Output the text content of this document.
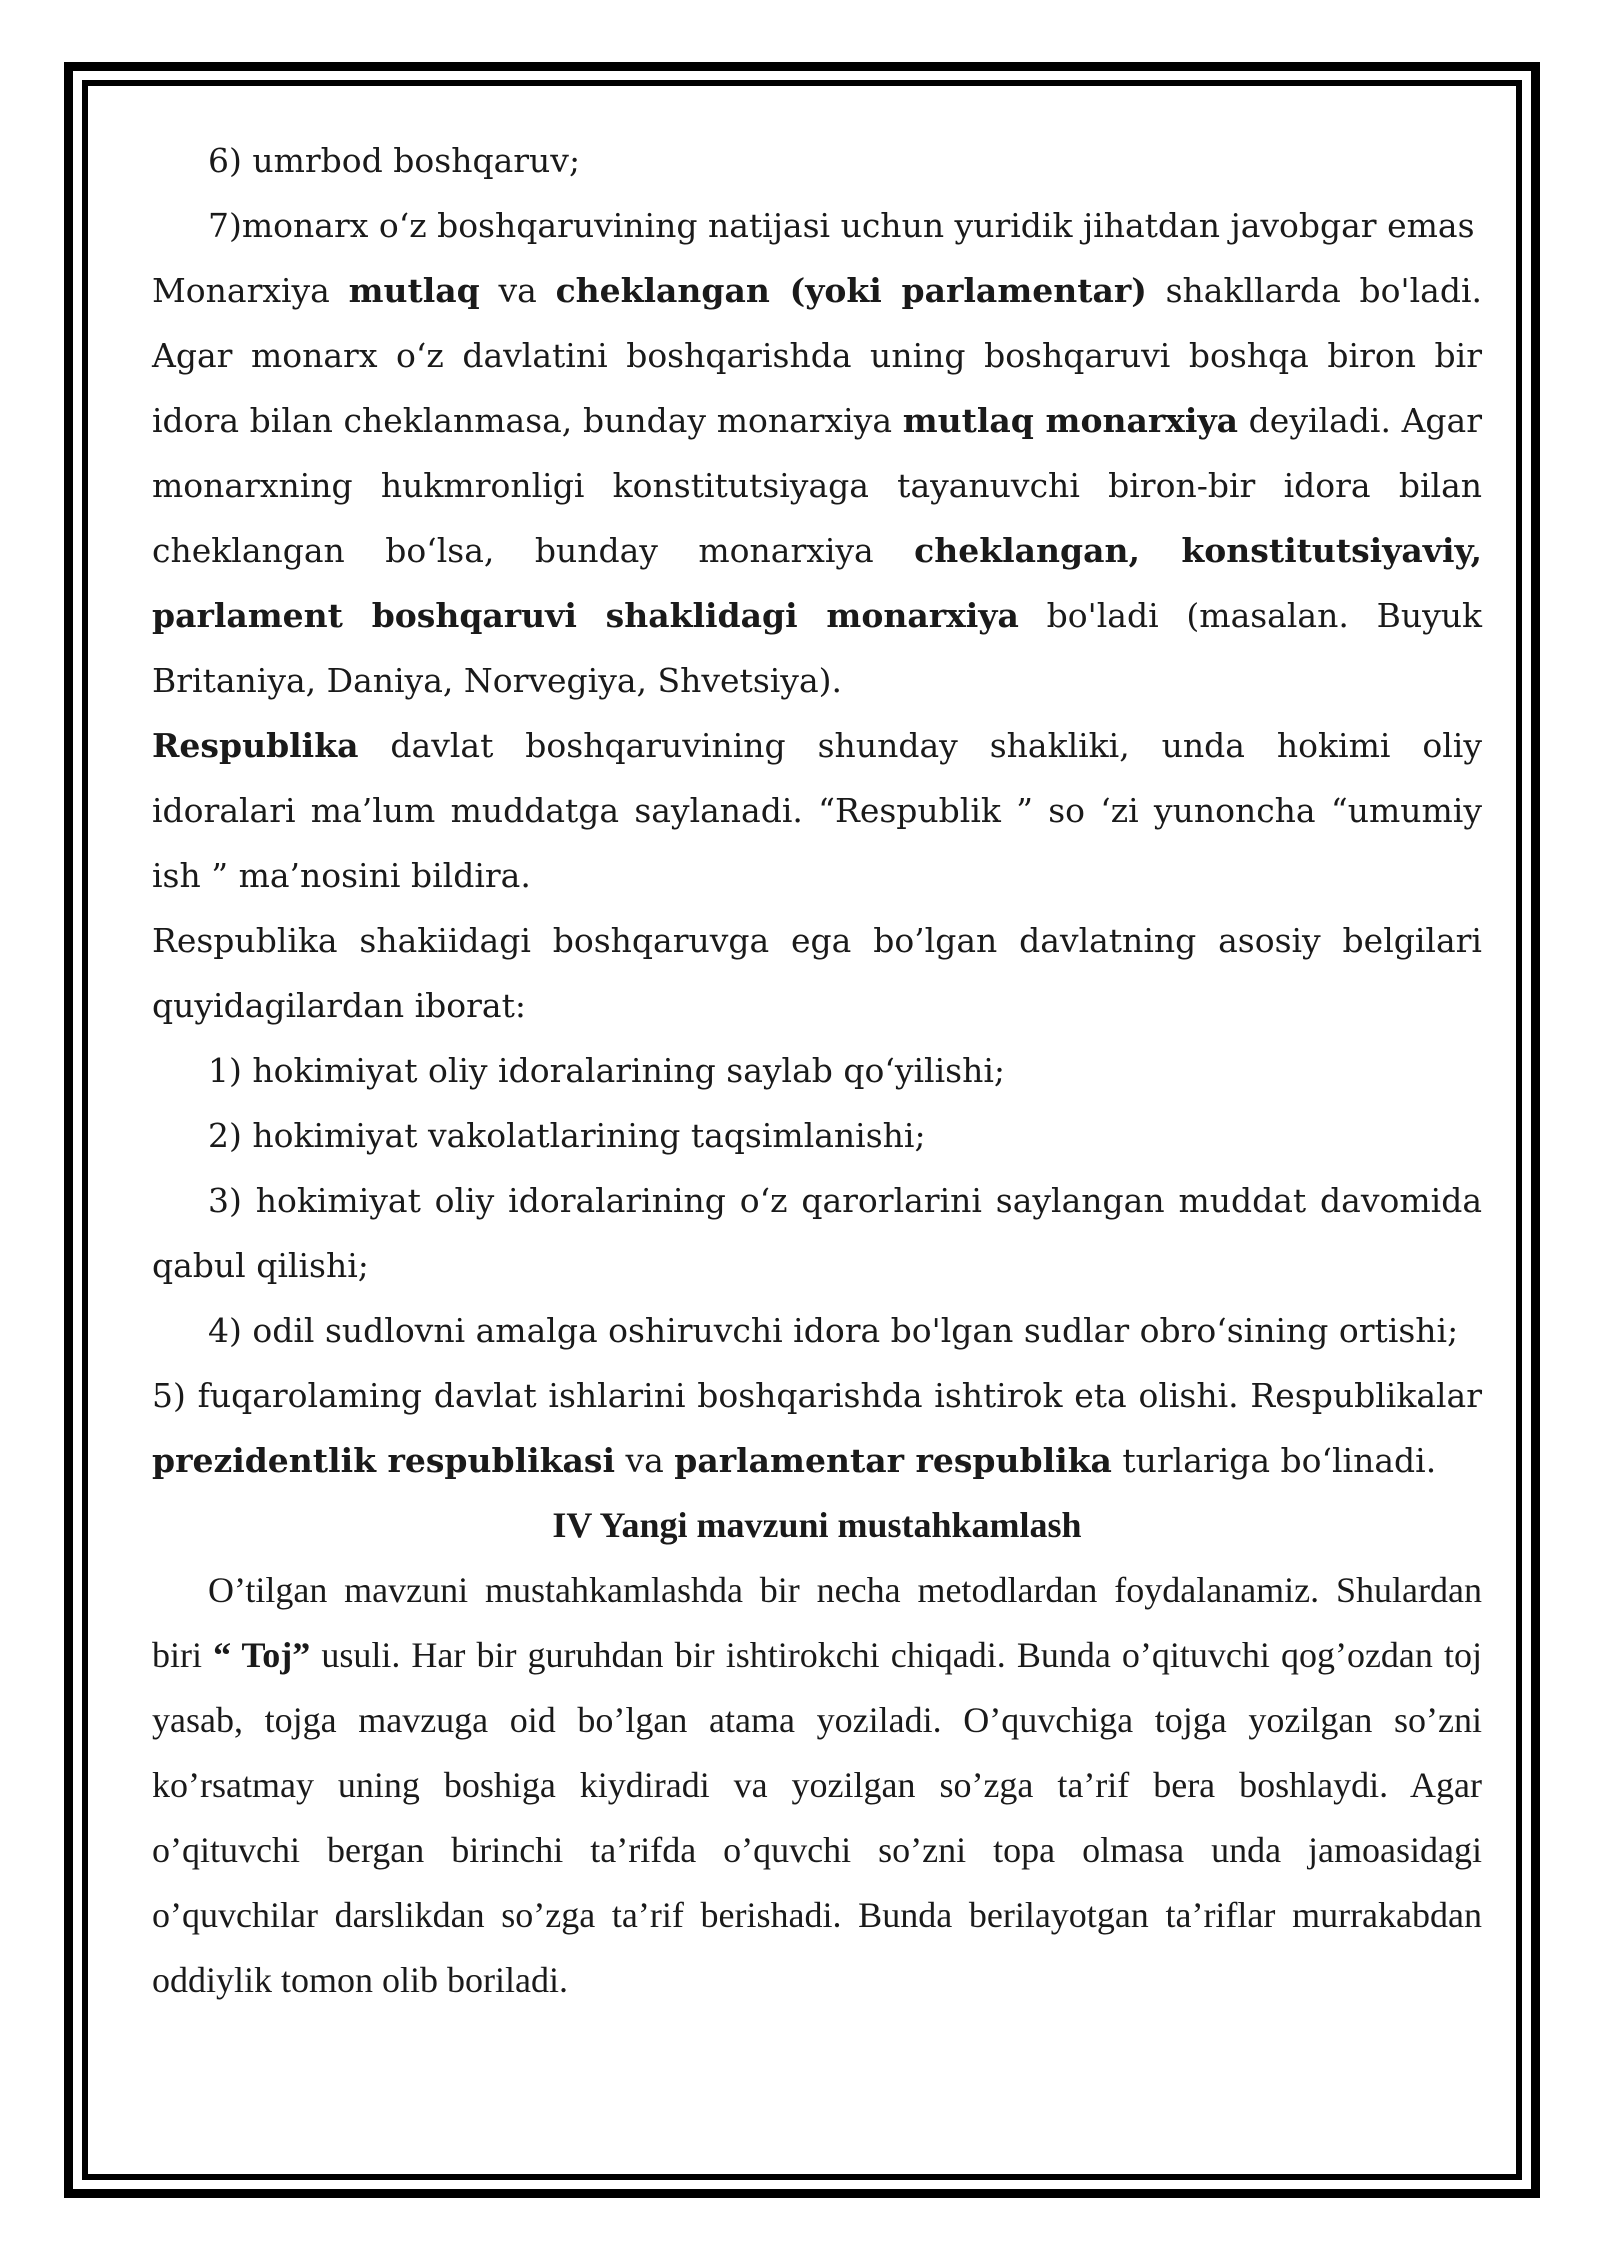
6) umrbod boshqaruv;

7)monarx o‘z boshqaruvining natijasi uchun yuridik jihatdan javobgar emas

Monarxiya mutlaq va cheklangan (yoki parlamentar) shakllarda bo'ladi. Agar monarx o‘z davlatini boshqarishda uning boshqaruvi boshqa biron bir idora bilan cheklanmasa, bunday monarxiya mutlaq monarxiya deyiladi. Agar monarxning hukmronligi konstitutsiyaga tayanuvchi biron-bir idora bilan cheklangan bo‘lsa, bunday monarxiya cheklangan, konstitutsiyaviy, parlament boshqaruvi shaklidagi monarxiya bo'ladi (masalan. Buyuk Britaniya, Daniya, Norvegiya, Shvetsiya).

Respublika davlat boshqaruvining shunday shakliki, unda hokimi oliy idoralari ma’lum muddatga saylanadi. “Respublik ” so ‘zi yunoncha “umumiy ish ” ma’nosini bildira.

Respublika shakiidagi boshqaruvga ega bo’lgan davlatning asosiy belgilari quyidagilardan iborat:

1) hokimiyat oliy idoralarining saylab qo‘yilishi;

2) hokimiyat vakolatlarining taqsimlanishi;

3) hokimiyat oliy idoralarining o‘z qarorlarini saylangan muddat davomida qabul qilishi;

4) odil sudlovni amalga oshiruvchi idora bo'lgan sudlar obro‘sining ortishi;

5) fuqarolaming davlat ishlarini boshqarishda ishtirok eta olishi. Respublikalar prezidentlik respublikasi va parlamentar respublika turlariga bo‘linadi.

IV Yangi mavzuni mustahkamlash

O’tilgan mavzuni mustahkamlashda bir necha metodlardan foydalanamiz. Shulardan biri “ Toj” usuli. Har bir guruhdan bir ishtirokchi chiqadi. Bunda o’qituvchi qog’ozdan toj yasab, tojga mavzuga oid bo’lgan atama yoziladi. O’quvchiga tojga yozilgan so’zni ko’rsatmay uning boshiga kiydiradi va yozilgan so’zga ta’rif bera boshlaydi. Agar o’qituvchi bergan birinchi ta’rifda o’quvchi so’zni topa olmasa unda jamoasidagi o’quvchilar darslikdan so’zga ta’rif berishadi. Bunda berilayotgan ta’riflar murrakabdan oddiylik tomon olib boriladi.
